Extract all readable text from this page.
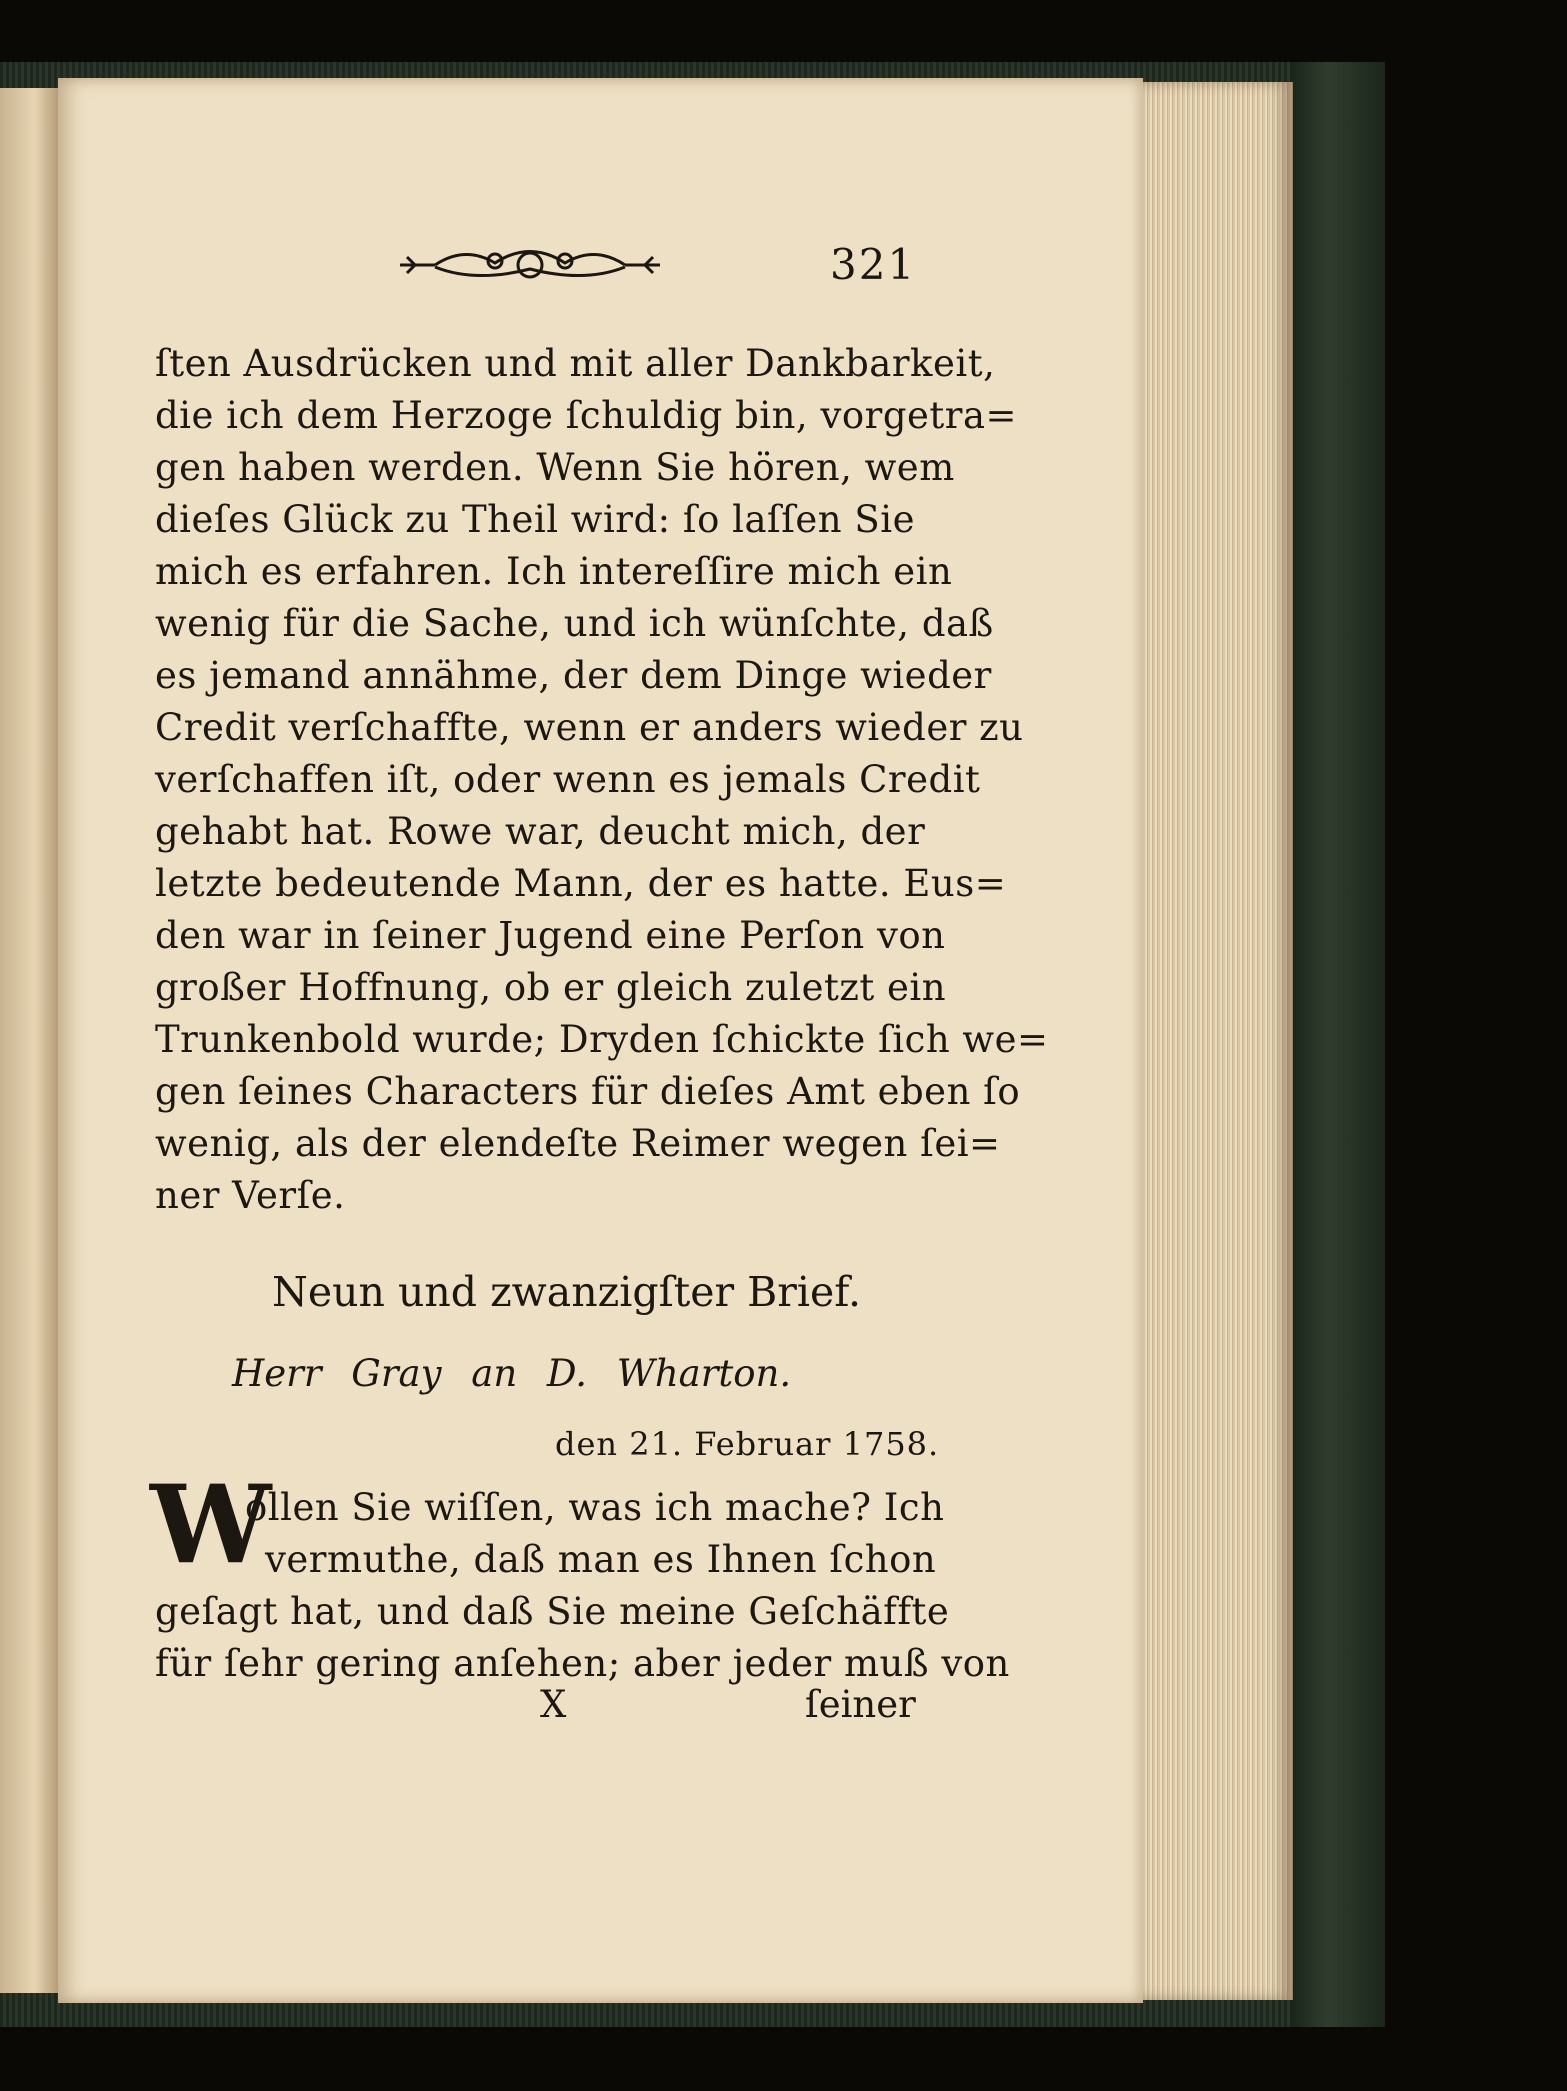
321
ſten Ausdrücken und mit aller Dankbarkeit,
die ich dem Herzoge ſchuldig bin, vorgetra=
gen haben werden. Wenn Sie hören, wem
dieſes Glück zu Theil wird: ſo laſſen Sie
mich es erfahren. Ich intereſſire mich ein
wenig für die Sache, und ich wünſchte, daß
es jemand annähme, der dem Dinge wieder
Credit verſchaffte, wenn er anders wieder zu
verſchaffen iſt, oder wenn es jemals Credit
gehabt hat. Rowe war, deucht mich, der
letzte bedeutende Mann, der es hatte. Eus=
den war in ſeiner Jugend eine Perſon von
großer Hoffnung, ob er gleich zuletzt ein
Trunkenbold wurde; Dryden ſchickte ſich we=
gen ſeines Characters für dieſes Amt eben ſo
wenig, als der elendeſte Reimer wegen ſei=
ner Verſe.
Neun und zwanzigſter Brief.
Herr Gray an D. Wharton.
den 21. Februar 1758.
W
ollen Sie wiſſen, was ich mache? Ich
vermuthe, daß man es Ihnen ſchon
geſagt hat, und daß Sie meine Geſchäffte
für ſehr gering anſehen; aber jeder muß von
X	ſeiner
